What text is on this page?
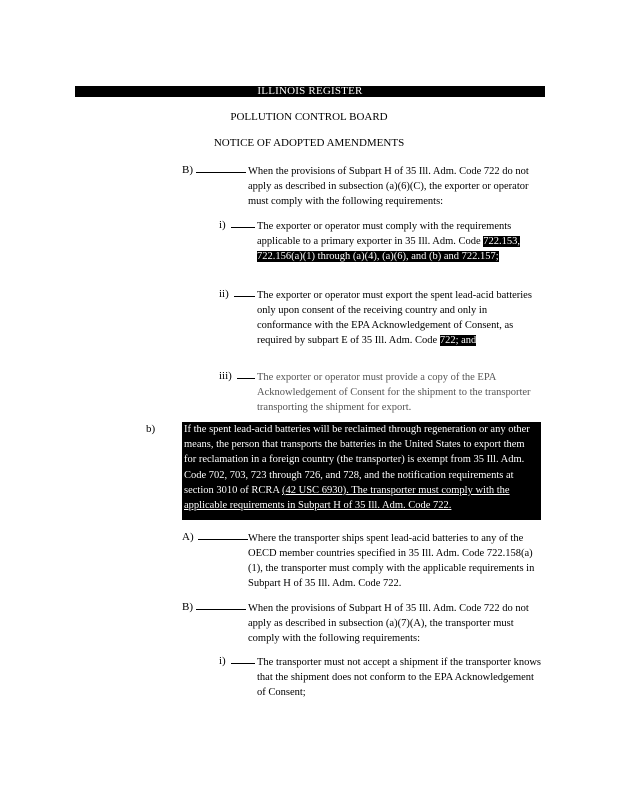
ILLINOIS REGISTER
POLLUTION CONTROL BOARD
NOTICE OF ADOPTED AMENDMENTS
B)	When the provisions of Subpart H of 35 Ill. Adm. Code 722 do not apply as described in subsection (a)(6)(C), the exporter or operator must comply with the following requirements:

i)	The exporter or operator must comply with the requirements applicable to a primary exporter in 35 Ill. Adm. Code 722.153, 722.156(a)(1) through (a)(4), (a)(6), and (b) and 722.157;

ii)	The exporter or operator must export the spent lead-acid batteries only upon consent of the receiving country and only in conformance with the EPA Acknowledgement of Consent, as required by subpart E of 35 Ill. Adm. Code 722; and

iii) The exporter or operator must provide a copy of the EPA Acknowledgement of Consent for the shipment to the transporter transporting the shipment for export.

b)	If the spent lead-acid batteries will be reclaimed through regeneration or any other means, the person that transports the batteries in the United States to export them for reclamation in a foreign country (the transporter) is exempt from 35 Ill. Adm. Code 702, 703, 723 through 726, and 728, and the notification requirements at section 3010 of RCRA (42 USC 6930). The transporter must comply with the applicable requirements in Subpart H of 35 Ill. Adm. Code 722.
A)	Where the transporter ships spent lead-acid batteries to any of the OECD member countries specified in 35 Ill. Adm. Code 722.158(a)(1), the transporter must comply with the applicable requirements in Subpart H of 35 Ill. Adm. Code 722.

B)	When the provisions of Subpart H of 35 Ill. Adm. Code 722 do not apply as described in subsection (a)(7)(A), the transporter must comply with the following requirements:

i)	The transporter must not accept a shipment if the transporter knows that the shipment does not conform to the EPA Acknowledgement of Consent;
